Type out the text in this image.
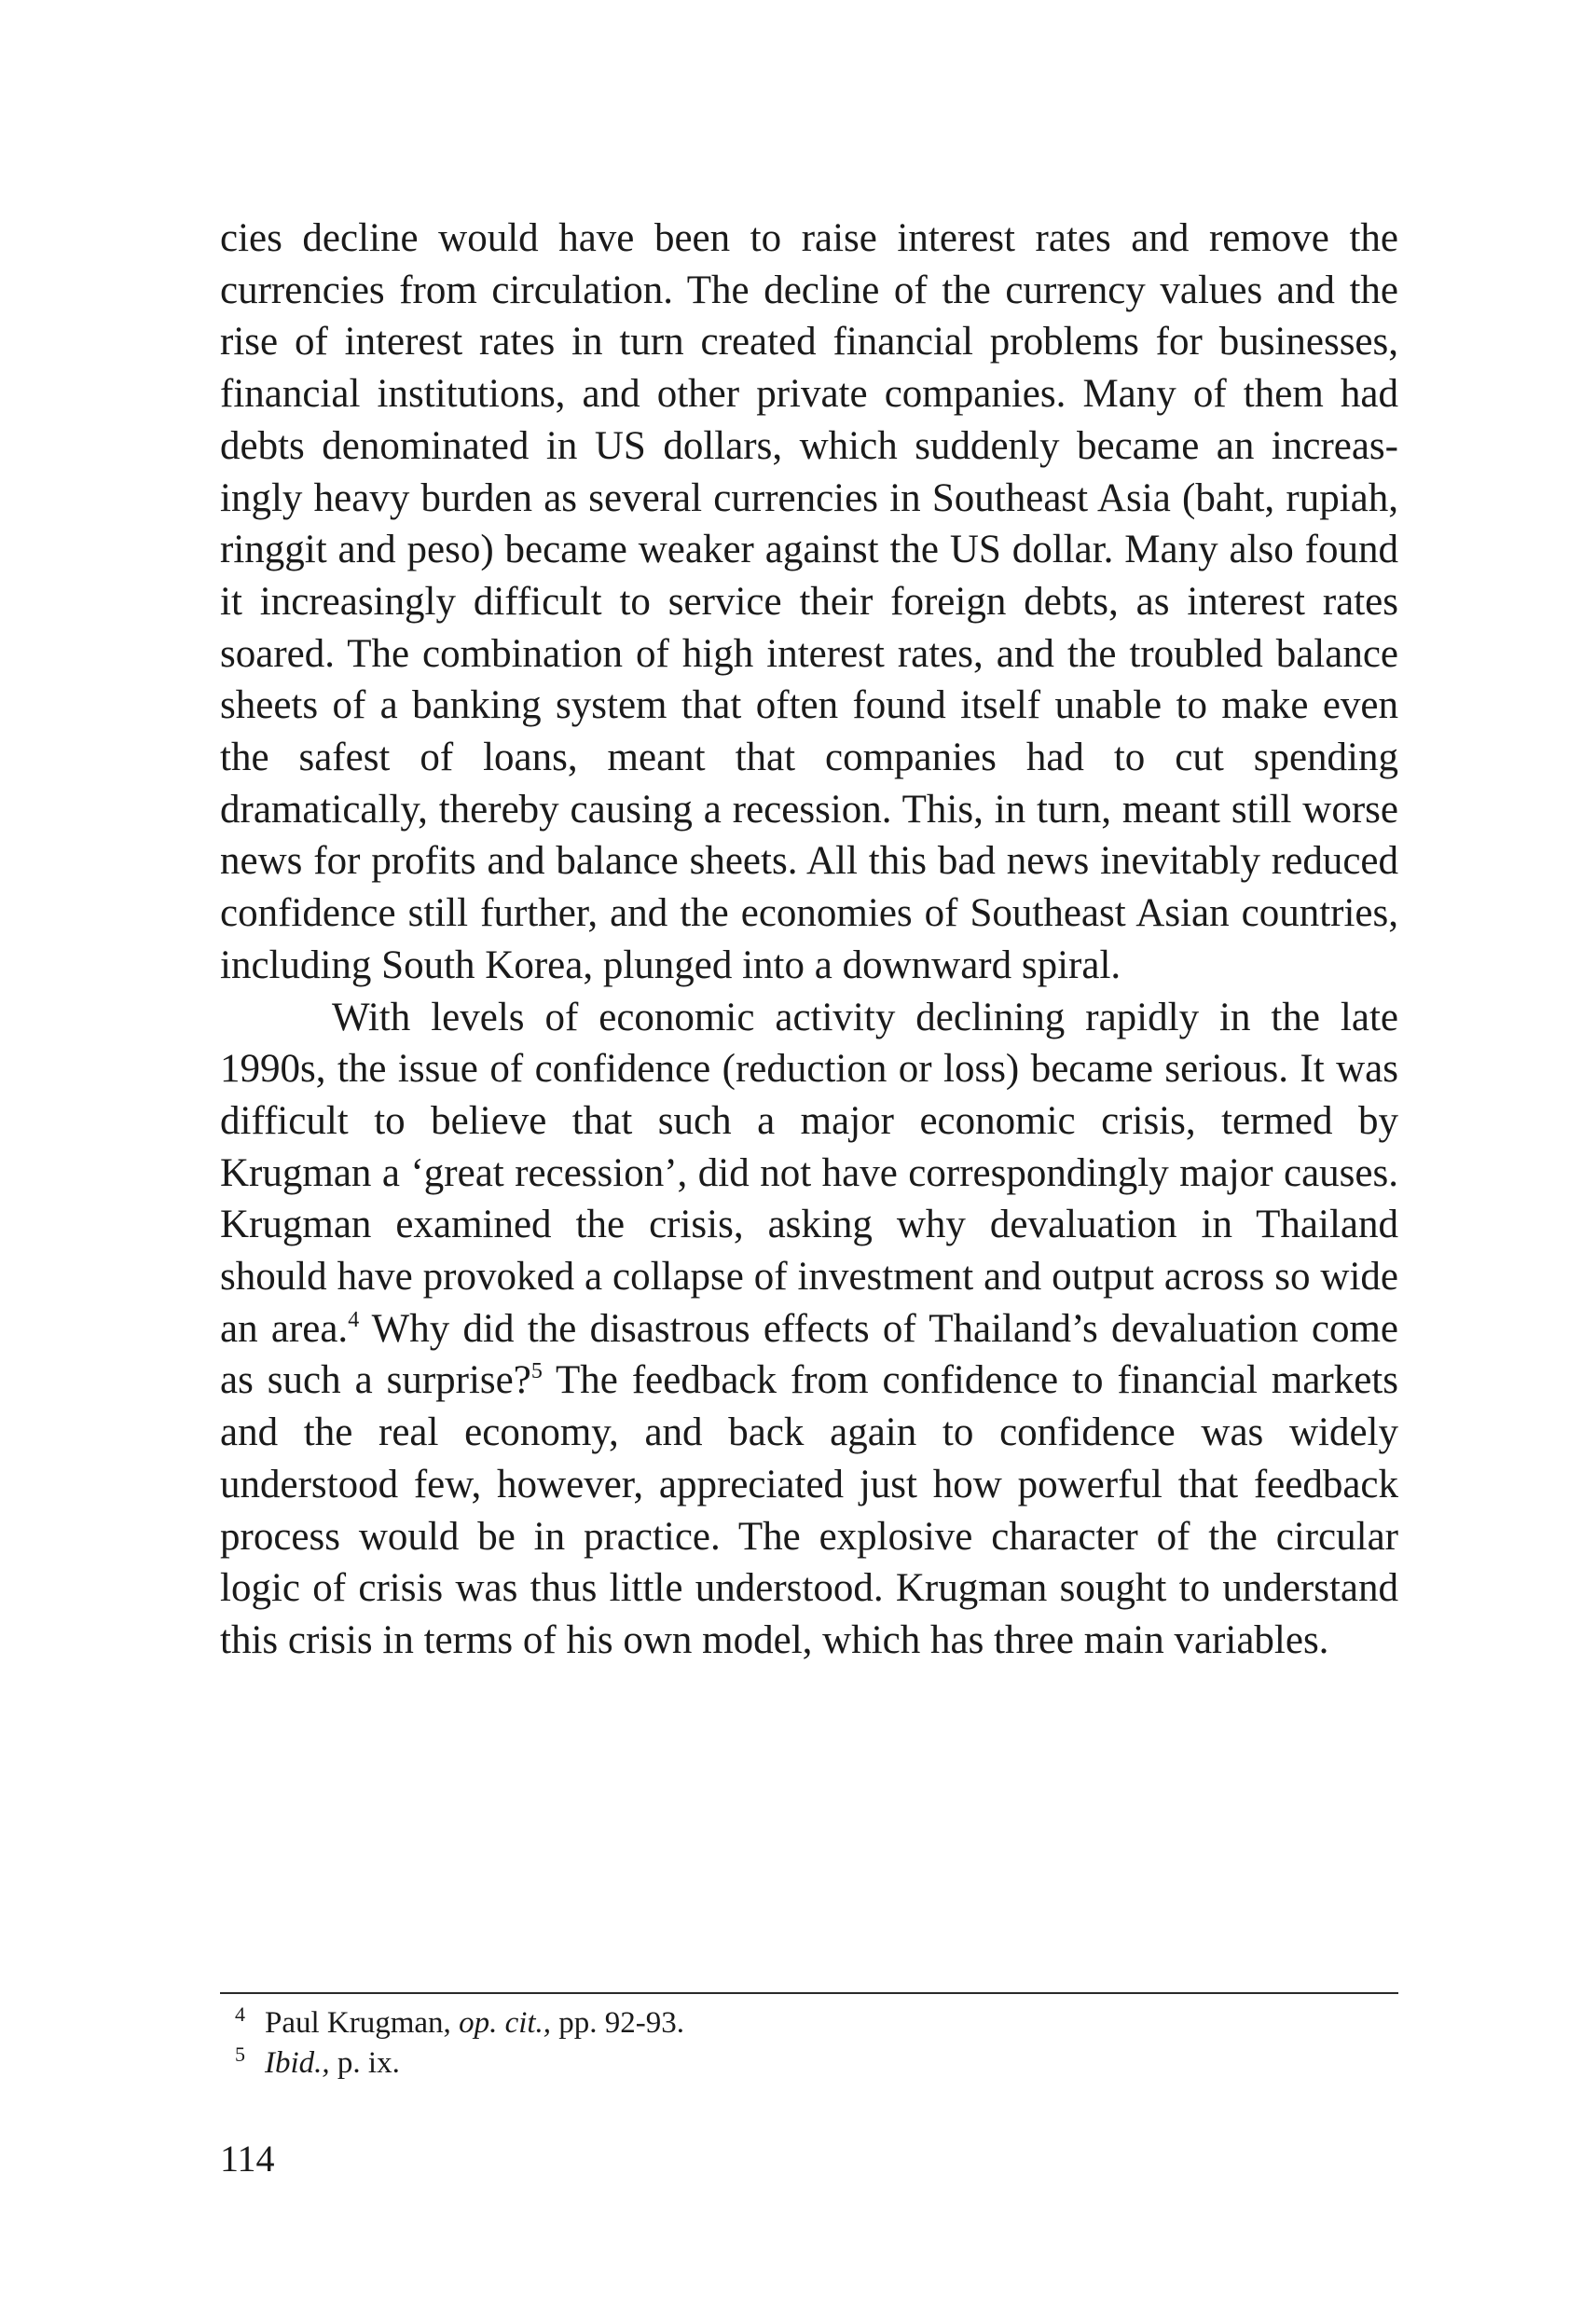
cies decline would have been to raise interest rates and remove the currencies from circulation. The decline of the currency values and the rise of interest rates in turn created financial problems for businesses, financial institutions, and other private companies. Many of them had debts denominated in US dollars, which suddenly became an increasingly heavy burden as several currencies in Southeast Asia (baht, rupiah, ringgit and peso) became weaker against the US dollar. Many also found it increasingly difficult to service their foreign debts, as interest rates soared. The combination of high interest rates, and the troubled balance sheets of a banking system that often found itself unable to make even the safest of loans, meant that companies had to cut spending dramatically, thereby causing a recession. This, in turn, meant still worse news for profits and balance sheets. All this bad news inevitably reduced confidence still further, and the economies of Southeast Asian countries, including South Korea, plunged into a downward spiral.

With levels of economic activity declining rapidly in the late 1990s, the issue of confidence (reduction or loss) became serious. It was difficult to believe that such a major economic crisis, termed by Krugman a ‘great recession’, did not have correspondingly major causes. Krugman examined the crisis, asking why devaluation in Thailand should have provoked a collapse of investment and output across so wide an area.$^4$ Why did the disastrous effects of Thailand’s devaluation come as such a surprise?$^5$ The feedback from confidence to financial markets and the real economy, and back again to confidence was widely understood few, however, appreciated just how powerful that feedback process would be in practice. The explosive character of the circular logic of crisis was thus little understood. Krugman sought to understand this crisis in terms of his own model, which has three main variables.

4 Paul Krugman, op. cit., pp. 92-93.
5 Ibid., p. ix.
114
